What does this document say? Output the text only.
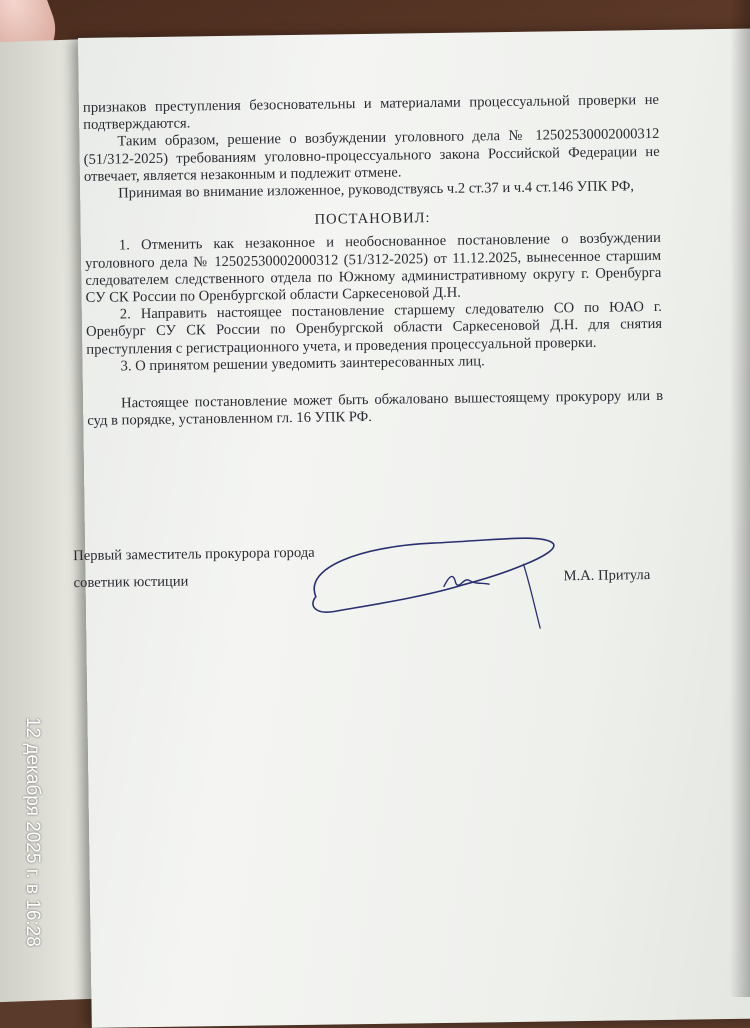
признаков преступления безосновательны и материалами процессуальной проверки не подтверждаются.

Таким образом, решение о возбуждении уголовного дела № 12502530002000312 (51/312-2025) требованиям уголовно-процессуального закона Российской Федерации не отвечает, является незаконным и подлежит отмене.

Принимая во внимание изложенное, руководствуясь ч.2 ст.37 и ч.4 ст.146 УПК РФ,

ПОСТАНОВИЛ:

1. Отменить как незаконное и необоснованное постановление о возбуждении уголовного дела № 12502530002000312 (51/312-2025) от 11.12.2025, вынесенное старшим следователем следственного отдела по Южному административному округу г. Оренбурга СУ СК России по Оренбургской области Саркесеновой Д.Н.

2. Направить настоящее постановление старшему следователю СО по ЮАО г. Оренбург СУ СК России по Оренбургской области Саркесеновой Д.Н. для снятия преступления с регистрационного учета, и проведения процессуальной проверки.

3. О принятом решении уведомить заинтересованных лиц.

Настоящее постановление может быть обжаловано вышестоящему прокурору или в суд в порядке, установленном гл. 16 УПК РФ.

Первый заместитель прокурора города
советник юстиции	М.А. Притула
12 декабря 2025 г. в 16:28
